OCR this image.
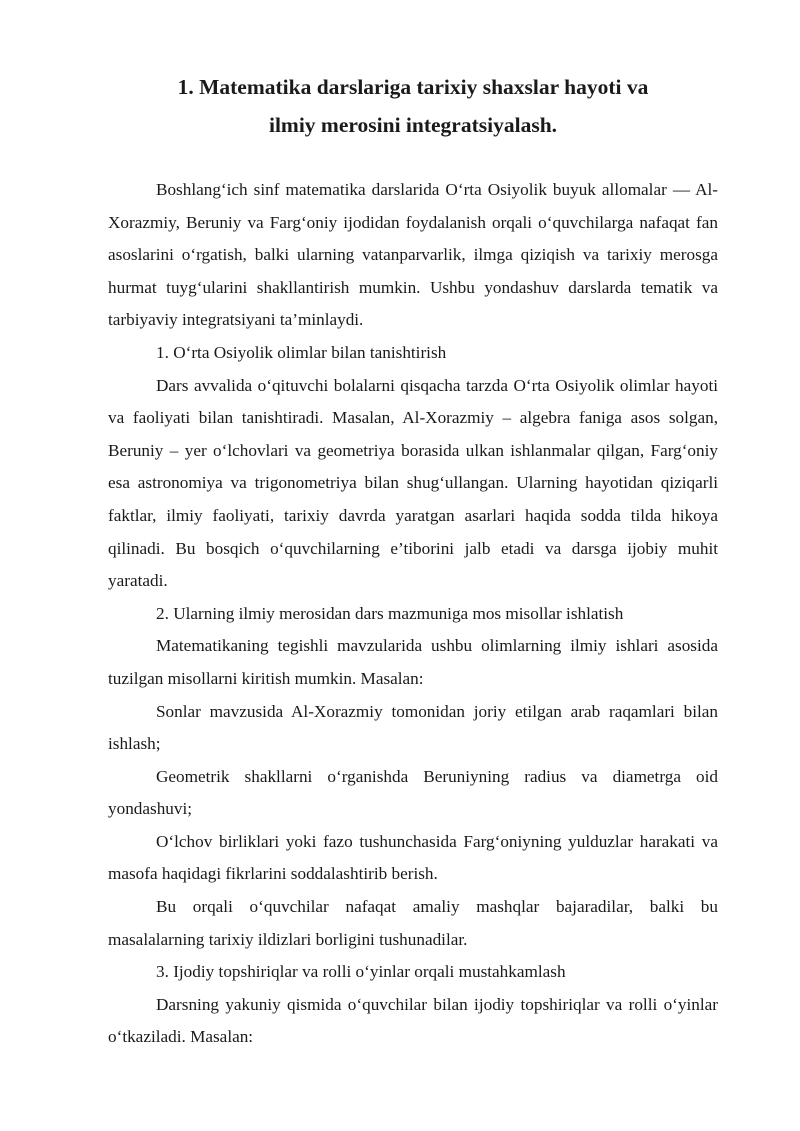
1. Matematika darslariga tarixiy shaxslar hayoti va
ilmiy merosini integratsiyalash.

Boshlang‘ich sinf matematika darslarida O‘rta Osiyolik buyuk allomalar — Al-Xorazmiy, Beruniy va Farg‘oniy ijodidan foydalanish orqali o‘quvchilarga nafaqat fan asoslarini o‘rgatish, balki ularning vatanparvarlik, ilmga qiziqish va tarixiy merosga hurmat tuyg‘ularini shakllantirish mumkin. Ushbu yondashuv darslarda tematik va tarbiyaviy integratsiyani ta’minlaydi.

1. O‘rta Osiyolik olimlar bilan tanishtirish

Dars avvalida o‘qituvchi bolalarni qisqacha tarzda O‘rta Osiyolik olimlar hayoti va faoliyati bilan tanishtiradi. Masalan, Al-Xorazmiy – algebra faniga asos solgan, Beruniy – yer o‘lchovlari va geometriya borasida ulkan ishlanmalar qilgan, Farg‘oniy esa astronomiya va trigonometriya bilan shug‘ullangan. Ularning hayotidan qiziqarli faktlar, ilmiy faoliyati, tarixiy davrda yaratgan asarlari haqida sodda tilda hikoya qilinadi. Bu bosqich o‘quvchilarning e’tiborini jalb etadi va darsga ijobiy muhit yaratadi.

2. Ularning ilmiy merosidan dars mazmuniga mos misollar ishlatish

Matematikaning tegishli mavzularida ushbu olimlarning ilmiy ishlari asosida tuzilgan misollarni kiritish mumkin. Masalan:

Sonlar mavzusida Al-Xorazmiy tomonidan joriy etilgan arab raqamlari bilan ishlash;

Geometrik shakllarni o‘rganishda Beruniyning radius va diametrga oid yondashuvi;

O‘lchov birliklari yoki fazo tushunchasida Farg‘oniyning yulduzlar harakati va masofa haqidagi fikrlarini soddalashtirib berish.

Bu orqali o‘quvchilar nafaqat amaliy mashqlar bajaradilar, balki bu masalalarning tarixiy ildizlari borligini tushunadilar.

3. Ijodiy topshiriqlar va rolli o‘yinlar orqali mustahkamlash

Darsning yakuniy qismida o‘quvchilar bilan ijodiy topshiriqlar va rolli o‘yinlar o‘tkaziladi. Masalan:
